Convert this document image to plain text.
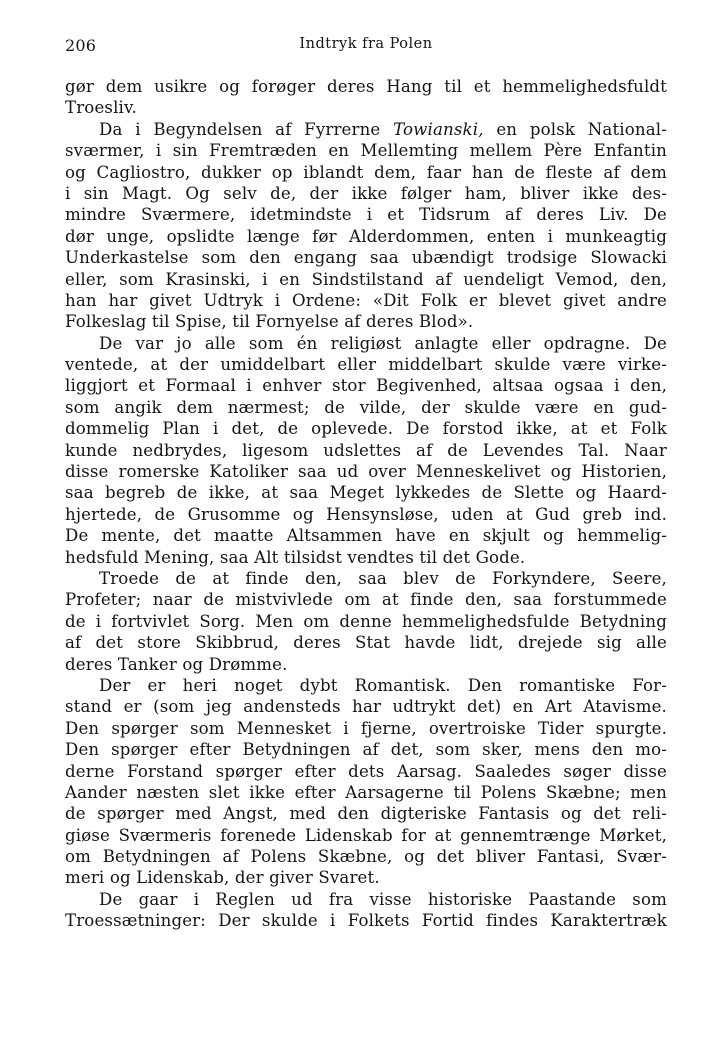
206	Indtryk fra Polen
gør dem usikre og forøger deres Hang til et hemmelighedsfuldt
Troesliv.
Da i Begyndelsen af Fyrrerne Towianski, en polsk National-
sværmer, i sin Fremtræden en Mellemting mellem Père Enfantin
og Cagliostro, dukker op iblandt dem, faar han de fleste af dem
i sin Magt. Og selv de, der ikke følger ham, bliver ikke des-
mindre Sværmere, idetmindste i et Tidsrum af deres Liv. De
dør unge, opslidte længe før Alderdommen, enten i munkeagtig
Underkastelse som den engang saa ubændigt trodsige Slowacki
eller, som Krasinski, i en Sindstilstand af uendeligt Vemod, den,
han har givet Udtryk i Ordene: «Dit Folk er blevet givet andre
Folkeslag til Spise, til Fornyelse af deres Blod».
De var jo alle som én religiøst anlagte eller opdragne. De
ventede, at der umiddelbart eller middelbart skulde være virke-
liggjort et Formaal i enhver stor Begivenhed, altsaa ogsaa i den,
som angik dem nærmest; de vilde, der skulde være en gud-
dommelig Plan i det, de oplevede. De forstod ikke, at et Folk
kunde nedbrydes, ligesom udslettes af de Levendes Tal. Naar
disse romerske Katoliker saa ud over Menneskelivet og Historien,
saa begreb de ikke, at saa Meget lykkedes de Slette og Haard-
hjertede, de Grusomme og Hensynsløse, uden at Gud greb ind.
De mente, det maatte Altsammen have en skjult og hemmelig-
hedsfuld Mening, saa Alt tilsidst vendtes til det Gode.
Troede de at finde den, saa blev de Forkyndere, Seere,
Profeter; naar de mistvivlede om at finde den, saa forstummede
de i fortvivlet Sorg. Men om denne hemmelighedsfulde Betydning
af det store Skibbrud, deres Stat havde lidt, drejede sig alle
deres Tanker og Drømme.
Der er heri noget dybt Romantisk. Den romantiske For-
stand er (som jeg andensteds har udtrykt det) en Art Atavisme.
Den spørger som Mennesket i fjerne, overtroiske Tider spurgte.
Den spørger efter Betydningen af det, som sker, mens den mo-
derne Forstand spørger efter dets Aarsag. Saaledes søger disse
Aander næsten slet ikke efter Aarsagerne til Polens Skæbne; men
de spørger med Angst, med den digteriske Fantasis og det reli-
giøse Sværmeris forenede Lidenskab for at gennemtrænge Mørket,
om Betydningen af Polens Skæbne, og det bliver Fantasi, Svær-
meri og Lidenskab, der giver Svaret.
De gaar i Reglen ud fra visse historiske Paastande som
Troessætninger: Der skulde i Folkets Fortid findes Karaktertræk
